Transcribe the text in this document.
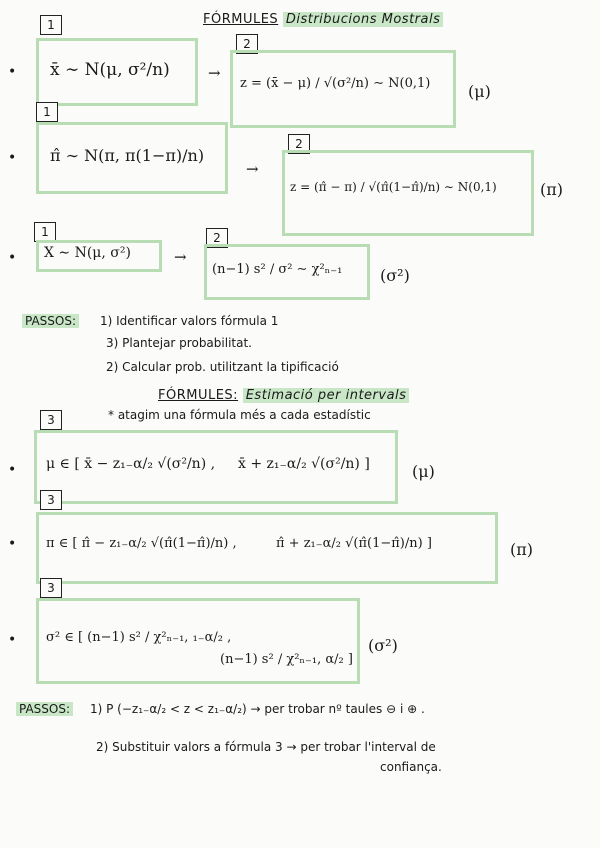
FÓRMULES Distribucions Mostrals
1
2
• x̄ ∼ N(μ, σ²/n)	→
z = (x̄ − μ) / √(σ²/n) ∼ N(0,1) (μ)
1
2
• π̂ ∼ N(π, π(1−π)/n)
→
z = (π̂ − π) / √(π̂(1−π̂)/n) ∼ N(0,1)	(π)
1	2
• X ∼ N(μ, σ²)	→
(n−1) s² / σ² ∼ χ²ₙ₋₁ (σ²)
PASSOS: 1) Identificar valors fórmula 1
3) Plantejar probabilitat.
2) Calcular prob. utilitzant la tipificació
FÓRMULES: Estimació per intervals
* atagim una fórmula més a cada estadístic
3
• μ ∈ [ x̄ − z₁₋α/₂ √(σ²/n) , x̄ + z₁₋α/₂ √(σ²/n) ]	(μ)
3
• π ∈ [ π̂ − z₁₋α/₂ √(π̂(1−π̂)/n) ,	π̂ + z₁₋α/₂ √(π̂(1−π̂)/n) ]	(π)
3
• σ² ∈ [ (n−1) s² / χ²ₙ₋₁, ₁₋α/₂ ,
(n−1) s² / χ²ₙ₋₁, α/₂ ]
(σ²)
PASSOS: 1) P (−z₁₋α/₂ < z < z₁₋α/₂) → per trobar nº taules ⊖ i ⊕ .
2) Substituir valors a fórmula 3 → per trobar l'interval de
confiança.
